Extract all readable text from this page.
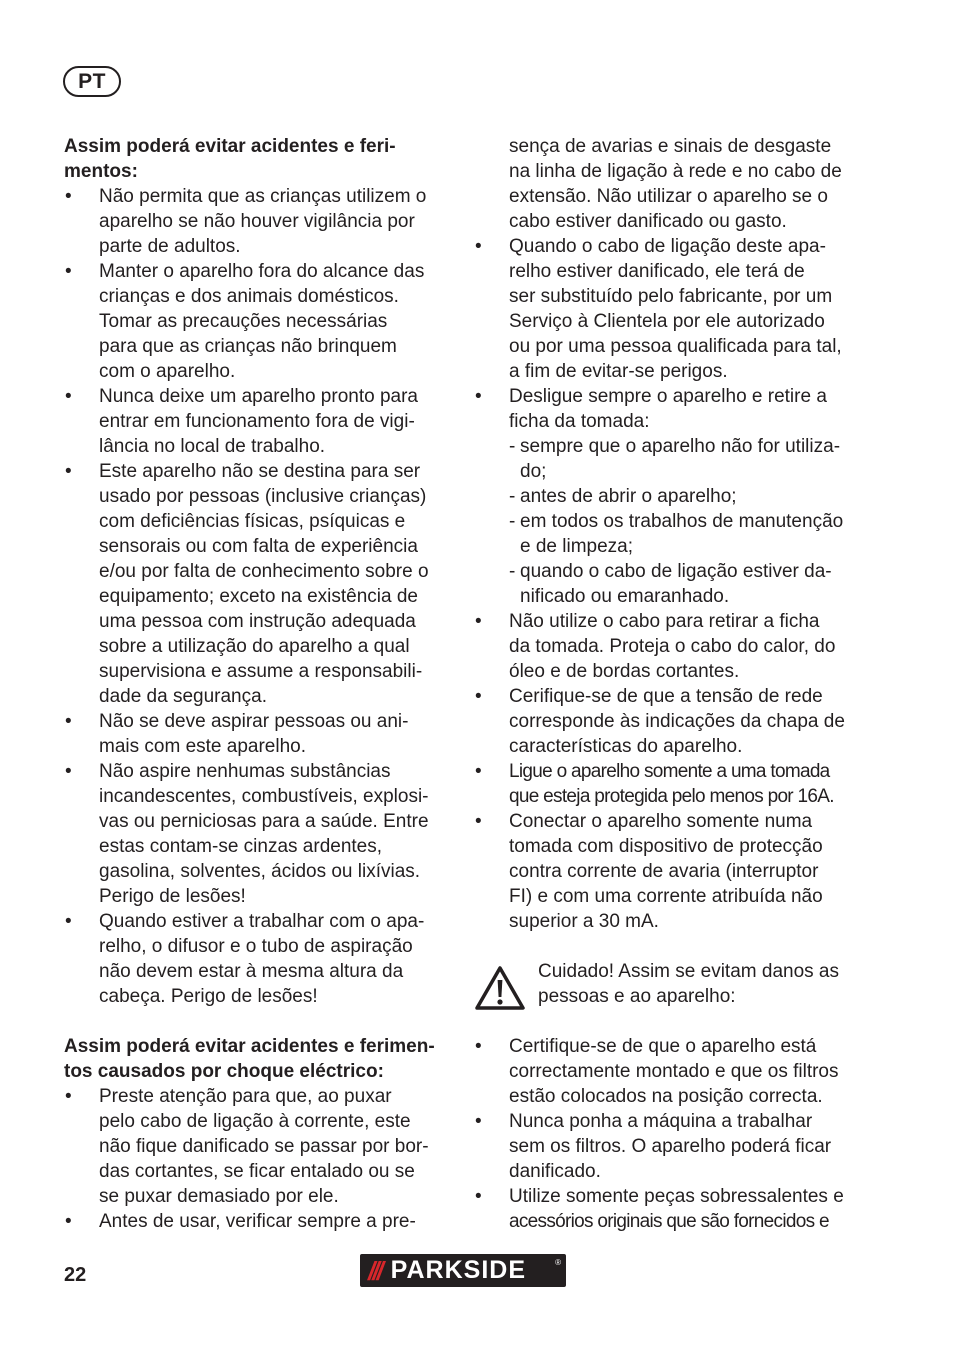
PT

Assim poderá evitar acidentes e feri-
mentos:

• Não permita que as crianças utilizem o
aparelho se não houver vigilância por
parte de adultos.
• Manter o aparelho fora do alcance das
crianças e dos animais domésticos.
Tomar as precauções necessárias
para que as crianças não brinquem
com o aparelho.
• Nunca deixe um aparelho pronto para
entrar em funcionamento fora de vigi-
lância no local de trabalho.
• Este aparelho não se destina para ser
usado por pessoas (inclusive crianças)
com deficiências físicas, psíquicas e
sensorais ou com falta de experiência
e/ou por falta de conhecimento sobre o
equipamento; exceto na existência de
uma pessoa com instrução adequada
sobre a utilização do aparelho a qual
supervisiona e assume a responsabili-
dade da segurança.
• Não se deve aspirar pessoas ou ani-
mais com este aparelho.
• Não aspire nenhumas substâncias
incandescentes, combustíveis, explosi-
vas ou perniciosas para a saúde. Entre
estas contam-se cinzas ardentes,
gasolina, solventes, ácidos ou lixívias.
Perigo de lesões!
• Quando estiver a trabalhar com o apa-
relho, o difusor e o tubo de aspiração
não devem estar à mesma altura da
cabeça. Perigo de lesões!

Assim poderá evitar acidentes e ferimen-
tos causados por choque eléctrico:

• Preste atenção para que, ao puxar
pelo cabo de ligação à corrente, este
não fique danificado se passar por bor-
das cortantes, se ficar entalado ou se
se puxar demasiado por ele.
• Antes de usar, verificar sempre a pre-
sença de avarias e sinais de desgaste
na linha de ligação à rede e no cabo de
extensão. Não utilizar o aparelho se o
cabo estiver danificado ou gasto.
• Quando o cabo de ligação deste apa-
relho estiver danificado, ele terá de
ser substituído pelo fabricante, por um
Serviço à Clientela por ele autorizado
ou por uma pessoa qualificada para tal,
a fim de evitar-se perigos.
• Desligue sempre o aparelho e retire a
ficha da tomada:
- sempre que o aparelho não for utiliza-
do;
- antes de abrir o aparelho;
- em todos os trabalhos de manutenção
e de limpeza;
- quando o cabo de ligação estiver da-
nificado ou emaranhado.
• Não utilize o cabo para retirar a ficha
da tomada. Proteja o cabo do calor, do
óleo e de bordas cortantes.
• Cerifique-se de que a tensão de rede
corresponde às indicações da chapa de
características do aparelho.
• Ligue o aparelho somente a uma tomada
que esteja protegida pelo menos por 16A.
• Conectar o aparelho somente numa
tomada com dispositivo de protecção
contra corrente de avaria (interruptor
FI) e com uma corrente atribuída não
superior a 30 mA.
Cuidado! Assim se evitam danos as
pessoas e ao aparelho:
• Certifique-se de que o aparelho está
correctamente montado e que os filtros
estão colocados na posição correcta.
• Nunca ponha a máquina a trabalhar
sem os filtros. O aparelho poderá ficar
danificado.
• Utilize somente peças sobressalentes e
acessórios originais que são fornecidos e
22	/// PARKSIDE	®
